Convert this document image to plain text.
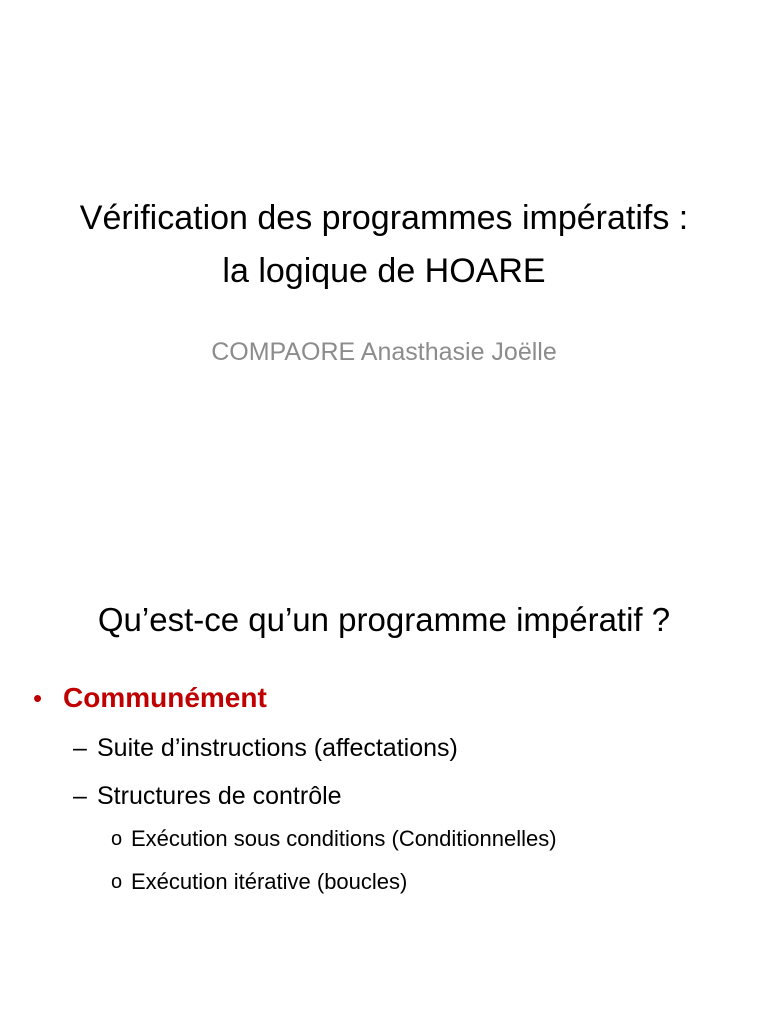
Vérification des programmes impératifs :
la logique de HOARE
COMPAORE Anasthasie Joëlle
Qu’est-ce qu’un programme impératif ?
• Communément
– Suite d’instructions (affectations)
– Structures de contrôle
o Exécution sous conditions (Conditionnelles)
o Exécution itérative (boucles)
